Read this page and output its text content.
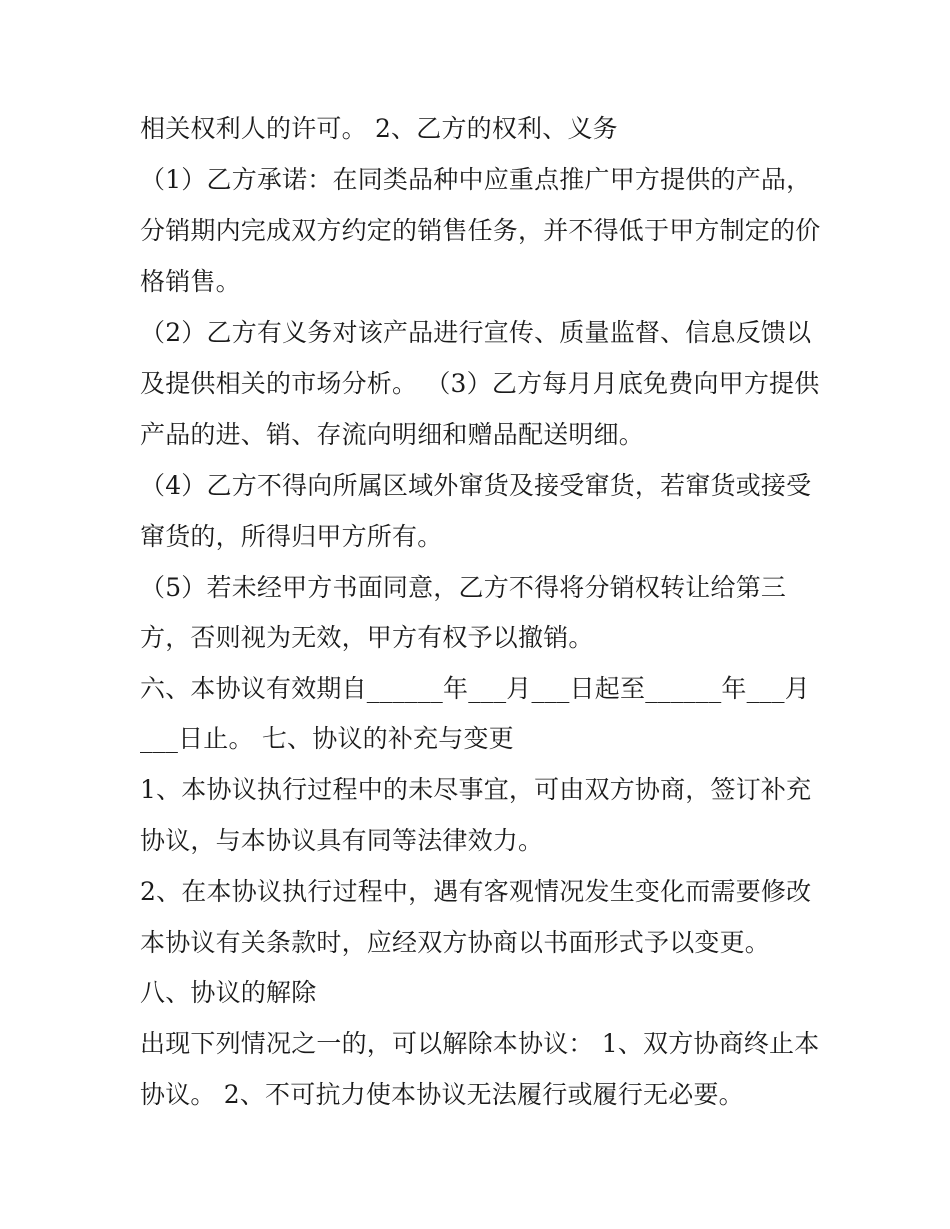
相关权利人的许可。 2、乙方的权利、义务
（1）乙方承诺：在同类品种中应重点推广甲方提供的产品，
分销期内完成双方约定的销售任务，并不得低于甲方制定的价
格销售。
（2）乙方有义务对该产品进行宣传、质量监督、信息反馈以
及提供相关的市场分析。 （3）乙方每月月底免费向甲方提供
产品的进、销、存流向明细和赠品配送明细。
（4）乙方不得向所属区域外窜货及接受窜货，若窜货或接受
窜货的，所得归甲方所有。
（5）若未经甲方书面同意，乙方不得将分销权转让给第三
方，否则视为无效，甲方有权予以撤销。
六、本协议有效期自______年___月___日起至______年___月
___日止。 七、协议的补充与变更
1、本协议执行过程中的未尽事宜，可由双方协商，签订补充
协议，与本协议具有同等法律效力。
2、在本协议执行过程中，遇有客观情况发生变化而需要修改
本协议有关条款时，应经双方协商以书面形式予以变更。
八、协议的解除
出现下列情况之一的，可以解除本协议： 1、双方协商终止本
协议。 2、不可抗力使本协议无法履行或履行无必要。
